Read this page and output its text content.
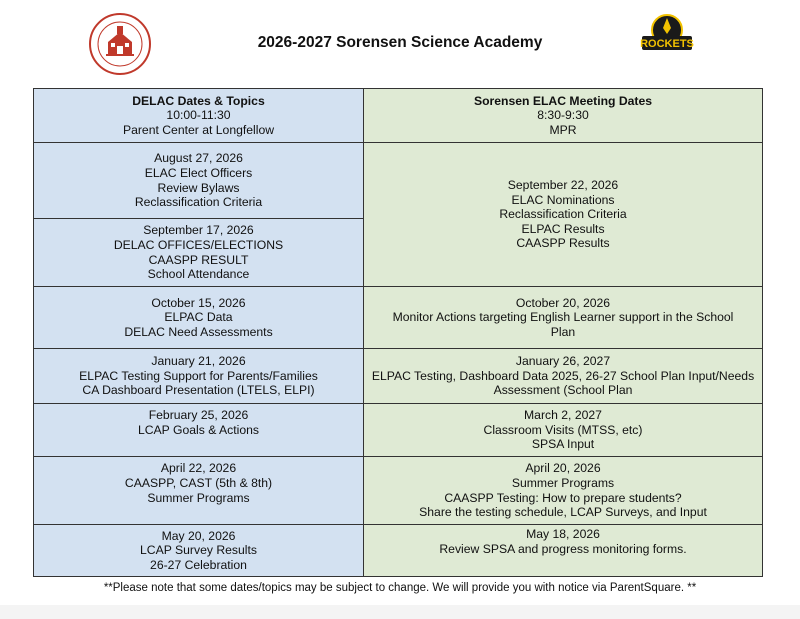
ROCKETS
2026-2027 Sorensen Science Academy
DELAC Dates & Topics
10:00-11:30
Parent Center at Longfellow	Sorensen ELAC Meeting Dates
8:30-9:30
MPR

August 27, 2026
ELAC Elect Officers
Review Bylaws
Reclassification Criteria	September 22, 2026
ELAC Nominations
Reclassification Criteria
ELPAC Results
CAASPP Results

September 17, 2026
DELAC OFFICES/ELECTIONS
CAASPP RESULT
School Attendance	

October 15, 2026
ELPAC Data
DELAC Need Assessments	October 20, 2026
Monitor Actions targeting English Learner support in the School
Plan

January 21, 2026
ELPAC Testing Support for Parents/Families
CA Dashboard Presentation (LTELS, ELPI)	January 26, 2027
ELPAC Testing, Dashboard Data 2025, 26-27 School Plan Input/Needs
Assessment (School Plan

February 25, 2026
LCAP Goals & Actions	March 2, 2027
Classroom Visits (MTSS, etc)
SPSA Input

April 22, 2026
CAASPP, CAST (5th & 8th)
Summer Programs	April 20, 2026
Summer Programs
CAASPP Testing: How to prepare students?
Share the testing schedule, LCAP Surveys, and Input

May 20, 2026
LCAP Survey Results
26-27 Celebration	May 18, 2026
Review SPSA and progress monitoring forms.
**Please note that some dates/topics may be subject to change. We will provide you with notice via ParentSquare. **
